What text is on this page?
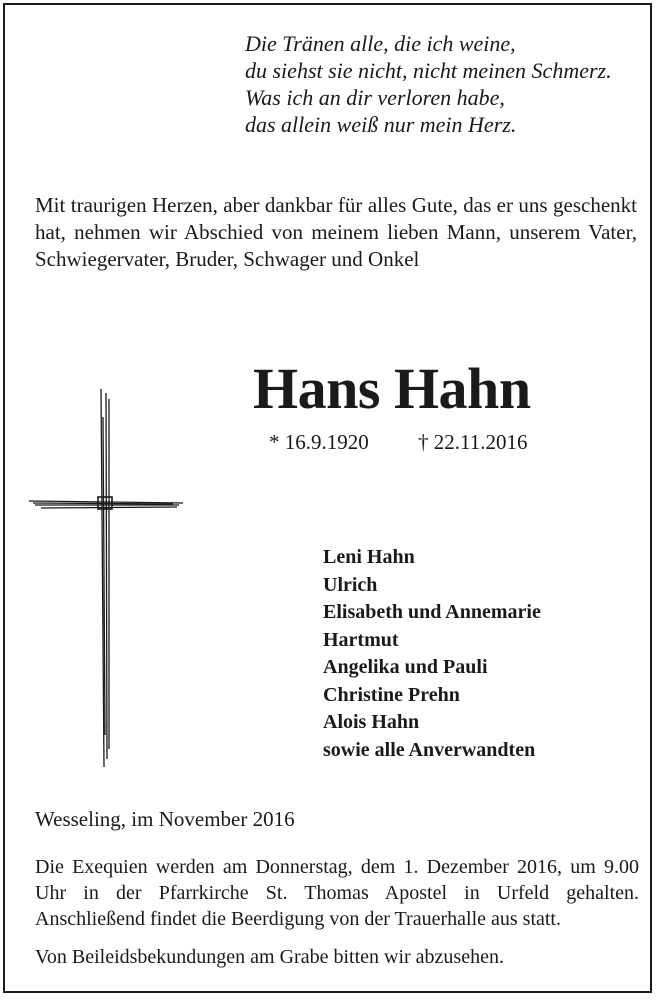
Die Tränen alle, die ich weine,
du siehst sie nicht, nicht meinen Schmerz.
Was ich an dir verloren habe,
das allein weiß nur mein Herz.
Mit traurigen Herzen, aber dankbar für alles Gute, das er uns geschenkt hat, nehmen wir Abschied von meinem lieben Mann, unserem Vater, Schwiegervater, Bruder, Schwager und Onkel
Hans Hahn
* 16.9.1920 † 22.11.2016
Leni Hahn
Ulrich
Elisabeth und Annemarie
Hartmut
Angelika und Pauli
Christine Prehn
Alois Hahn
sowie alle Anverwandten
Wesseling, im November 2016
Die Exequien werden am Donnerstag, dem 1. Dezember 2016, um 9.00 Uhr in der Pfarrkirche St. Thomas Apostel in Urfeld gehalten. Anschließend findet die Beerdigung von der Trauerhalle aus statt.
Von Beileidsbekundungen am Grabe bitten wir abzusehen.
